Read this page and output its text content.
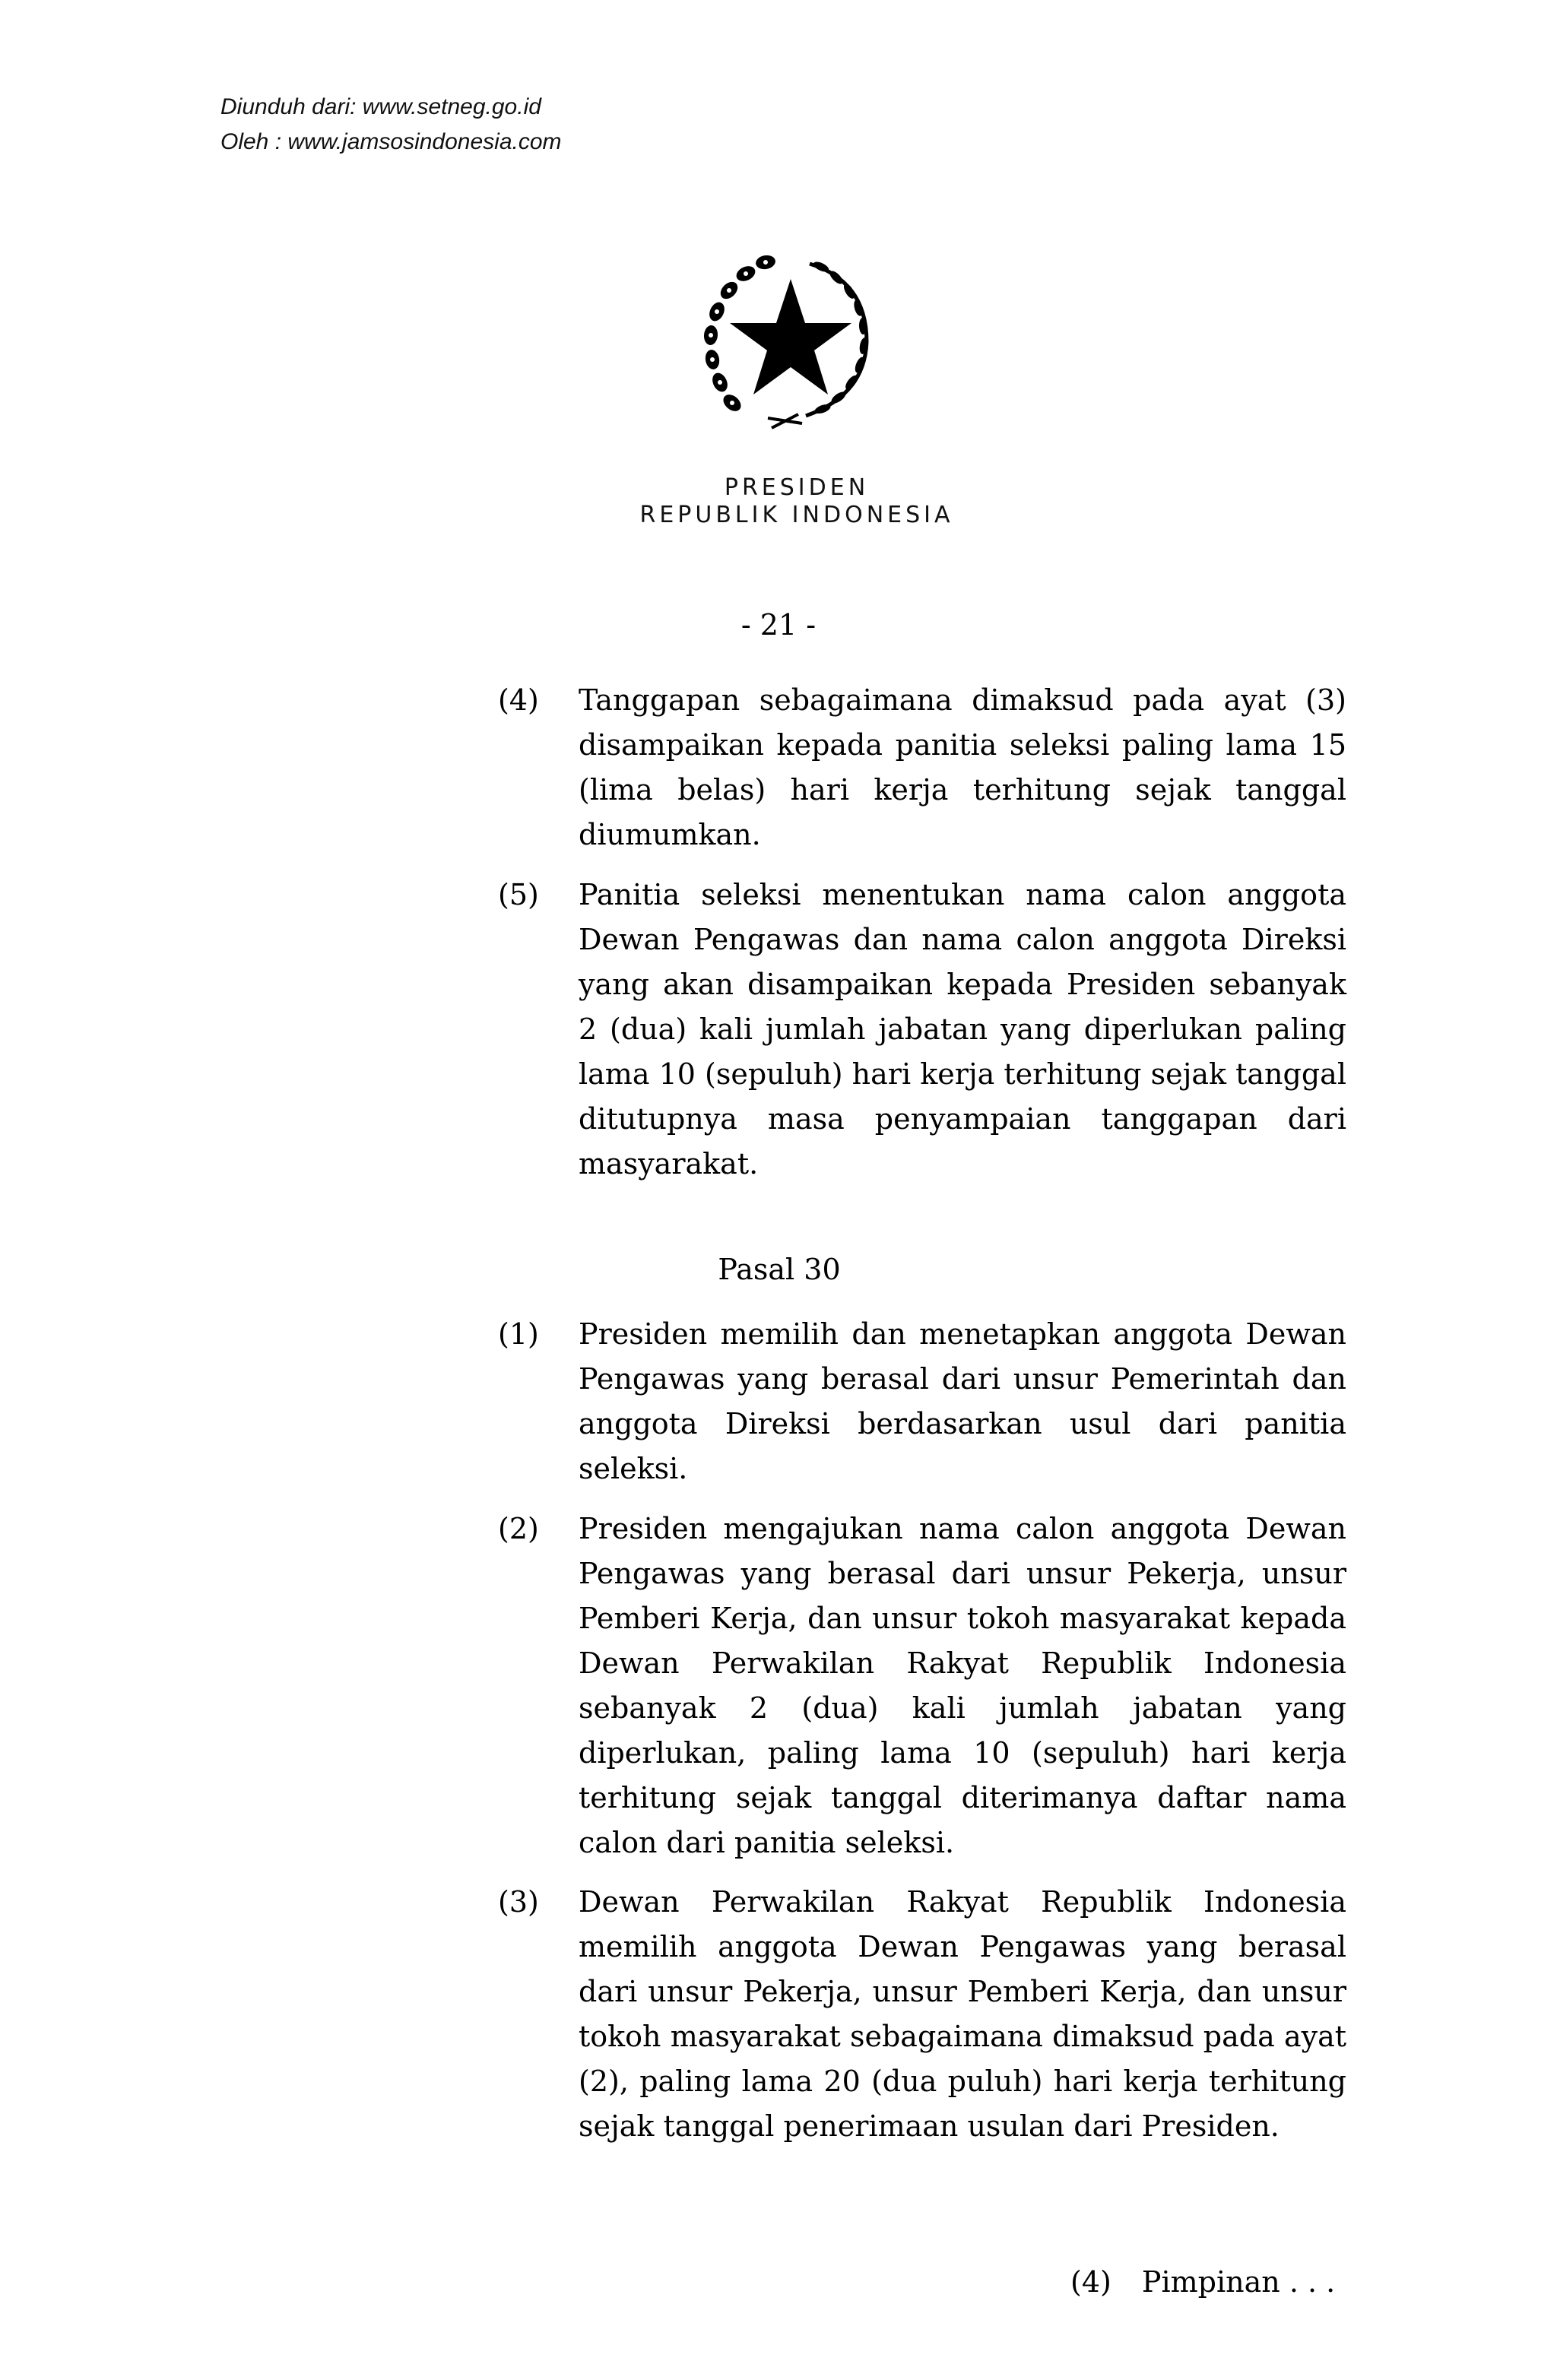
Diunduh dari: www.setneg.go.id
Oleh : www.jamsosindonesia.com
PRESIDEN
REPUBLIK INDONESIA
- 21 -
(4) Tanggapan sebagaimana dimaksud pada ayat (3) disampaikan kepada panitia seleksi paling lama 15 (lima belas) hari kerja terhitung sejak tanggal diumumkan.
(5) Panitia seleksi menentukan nama calon anggota Dewan Pengawas dan nama calon anggota Direksi yang akan disampaikan kepada Presiden sebanyak 2 (dua) kali jumlah jabatan yang diperlukan paling lama 10 (sepuluh) hari kerja terhitung sejak tanggal ditutupnya masa penyampaian tanggapan dari masyarakat.
Pasal 30
(1) Presiden memilih dan menetapkan anggota Dewan Pengawas yang berasal dari unsur Pemerintah dan anggota Direksi berdasarkan usul dari panitia seleksi.
(2) Presiden mengajukan nama calon anggota Dewan Pengawas yang berasal dari unsur Pekerja, unsur Pemberi Kerja, dan unsur tokoh masyarakat kepada Dewan Perwakilan Rakyat Republik Indonesia sebanyak 2 (dua) kali jumlah jabatan yang diperlukan, paling lama 10 (sepuluh) hari kerja terhitung sejak tanggal diterimanya daftar nama calon dari panitia seleksi.
(3) Dewan Perwakilan Rakyat Republik Indonesia memilih anggota Dewan Pengawas yang berasal dari unsur Pekerja, unsur Pemberi Kerja, dan unsur tokoh masyarakat sebagaimana dimaksud pada ayat (2), paling lama 20 (dua puluh) hari kerja terhitung sejak tanggal penerimaan usulan dari Presiden.
(4) Pimpinan . . .
